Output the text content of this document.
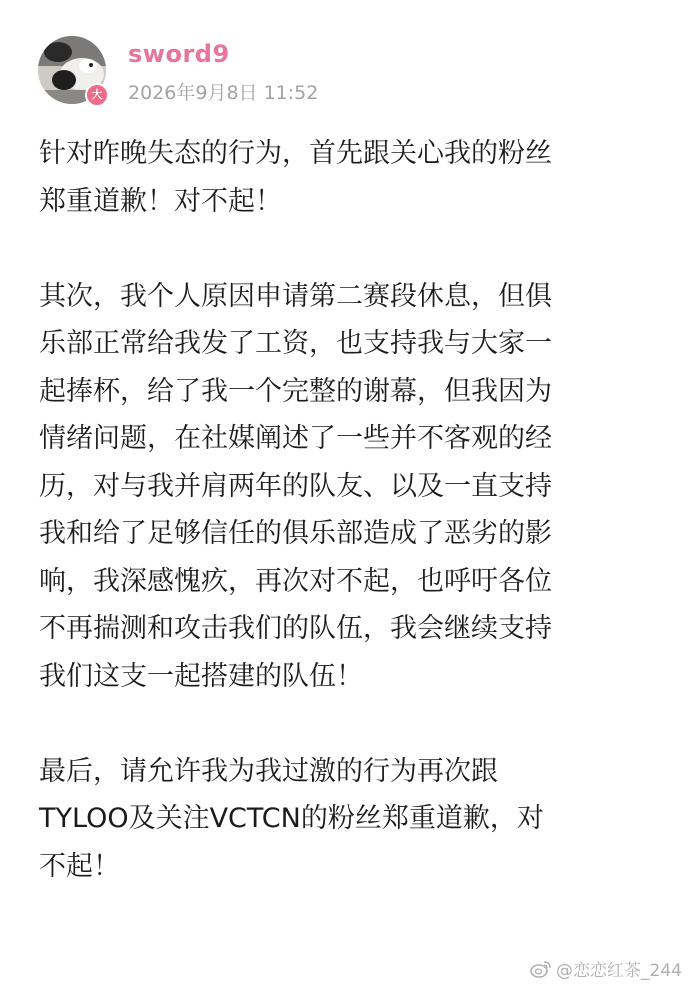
大
sword9
2026年9月8日 11:52

针对昨晚失态的行为，首先跟关心我的粉丝
郑重道歉！对不起！

其次，我个人原因申请第二赛段休息，但俱
乐部正常给我发了工资，也支持我与大家一
起捧杯，给了我一个完整的谢幕，但我因为
情绪问题，在社媒阐述了一些并不客观的经
历，对与我并肩两年的队友、以及一直支持
我和给了足够信任的俱乐部造成了恶劣的影
响，我深感愧疚，再次对不起，也呼吁各位
不再揣测和攻击我们的队伍，我会继续支持
我们这支一起搭建的队伍！

最后，请允许我为我过激的行为再次跟
TYLOO及关注VCTCN的粉丝郑重道歉，对
不起！

@恋恋红茶_244
